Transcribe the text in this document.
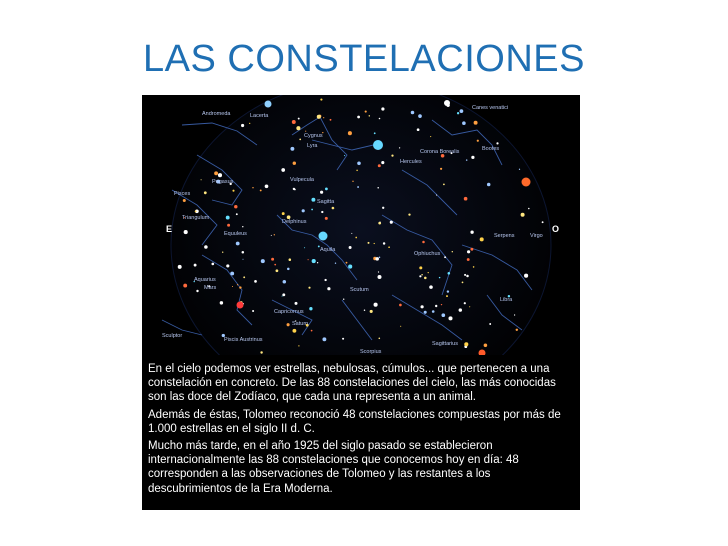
LAS CONSTELACIONES
Andromeda	Lacerta
Canes venatici
Cygnus
Lyra	Bootes
Corona Borealis
Hercules
Pegasus	Vulpecula
Pisces
Sagitta
Triangulum
Delphinus
Equuleus	Serpens	Virgo
Aquila
Ophiuchus
Aquarius
Mars	Scutum
Libra
Capricornus
Saturn
Sculptor
Piscis Austrinus
Sagittarius
Scorpius
E	O

En el cielo podemos ver estrellas, nebulosas, cúmulos... que pertenecen a una constelación en concreto. De las 88 constelaciones del cielo, las más conocidas son las doce del Zodíaco, que cada una representa a un animal.

Además de éstas, Tolomeo reconoció 48 constelaciones compuestas por más de 1.000 estrellas en el siglo II d. C.

Mucho más tarde, en el año 1925 del siglo pasado se establecieron internacionalmente las 88 constelaciones que conocemos hoy en día: 48 corresponden a las observaciones de Tolomeo y las restantes a los descubrimientos de la Era Moderna.
